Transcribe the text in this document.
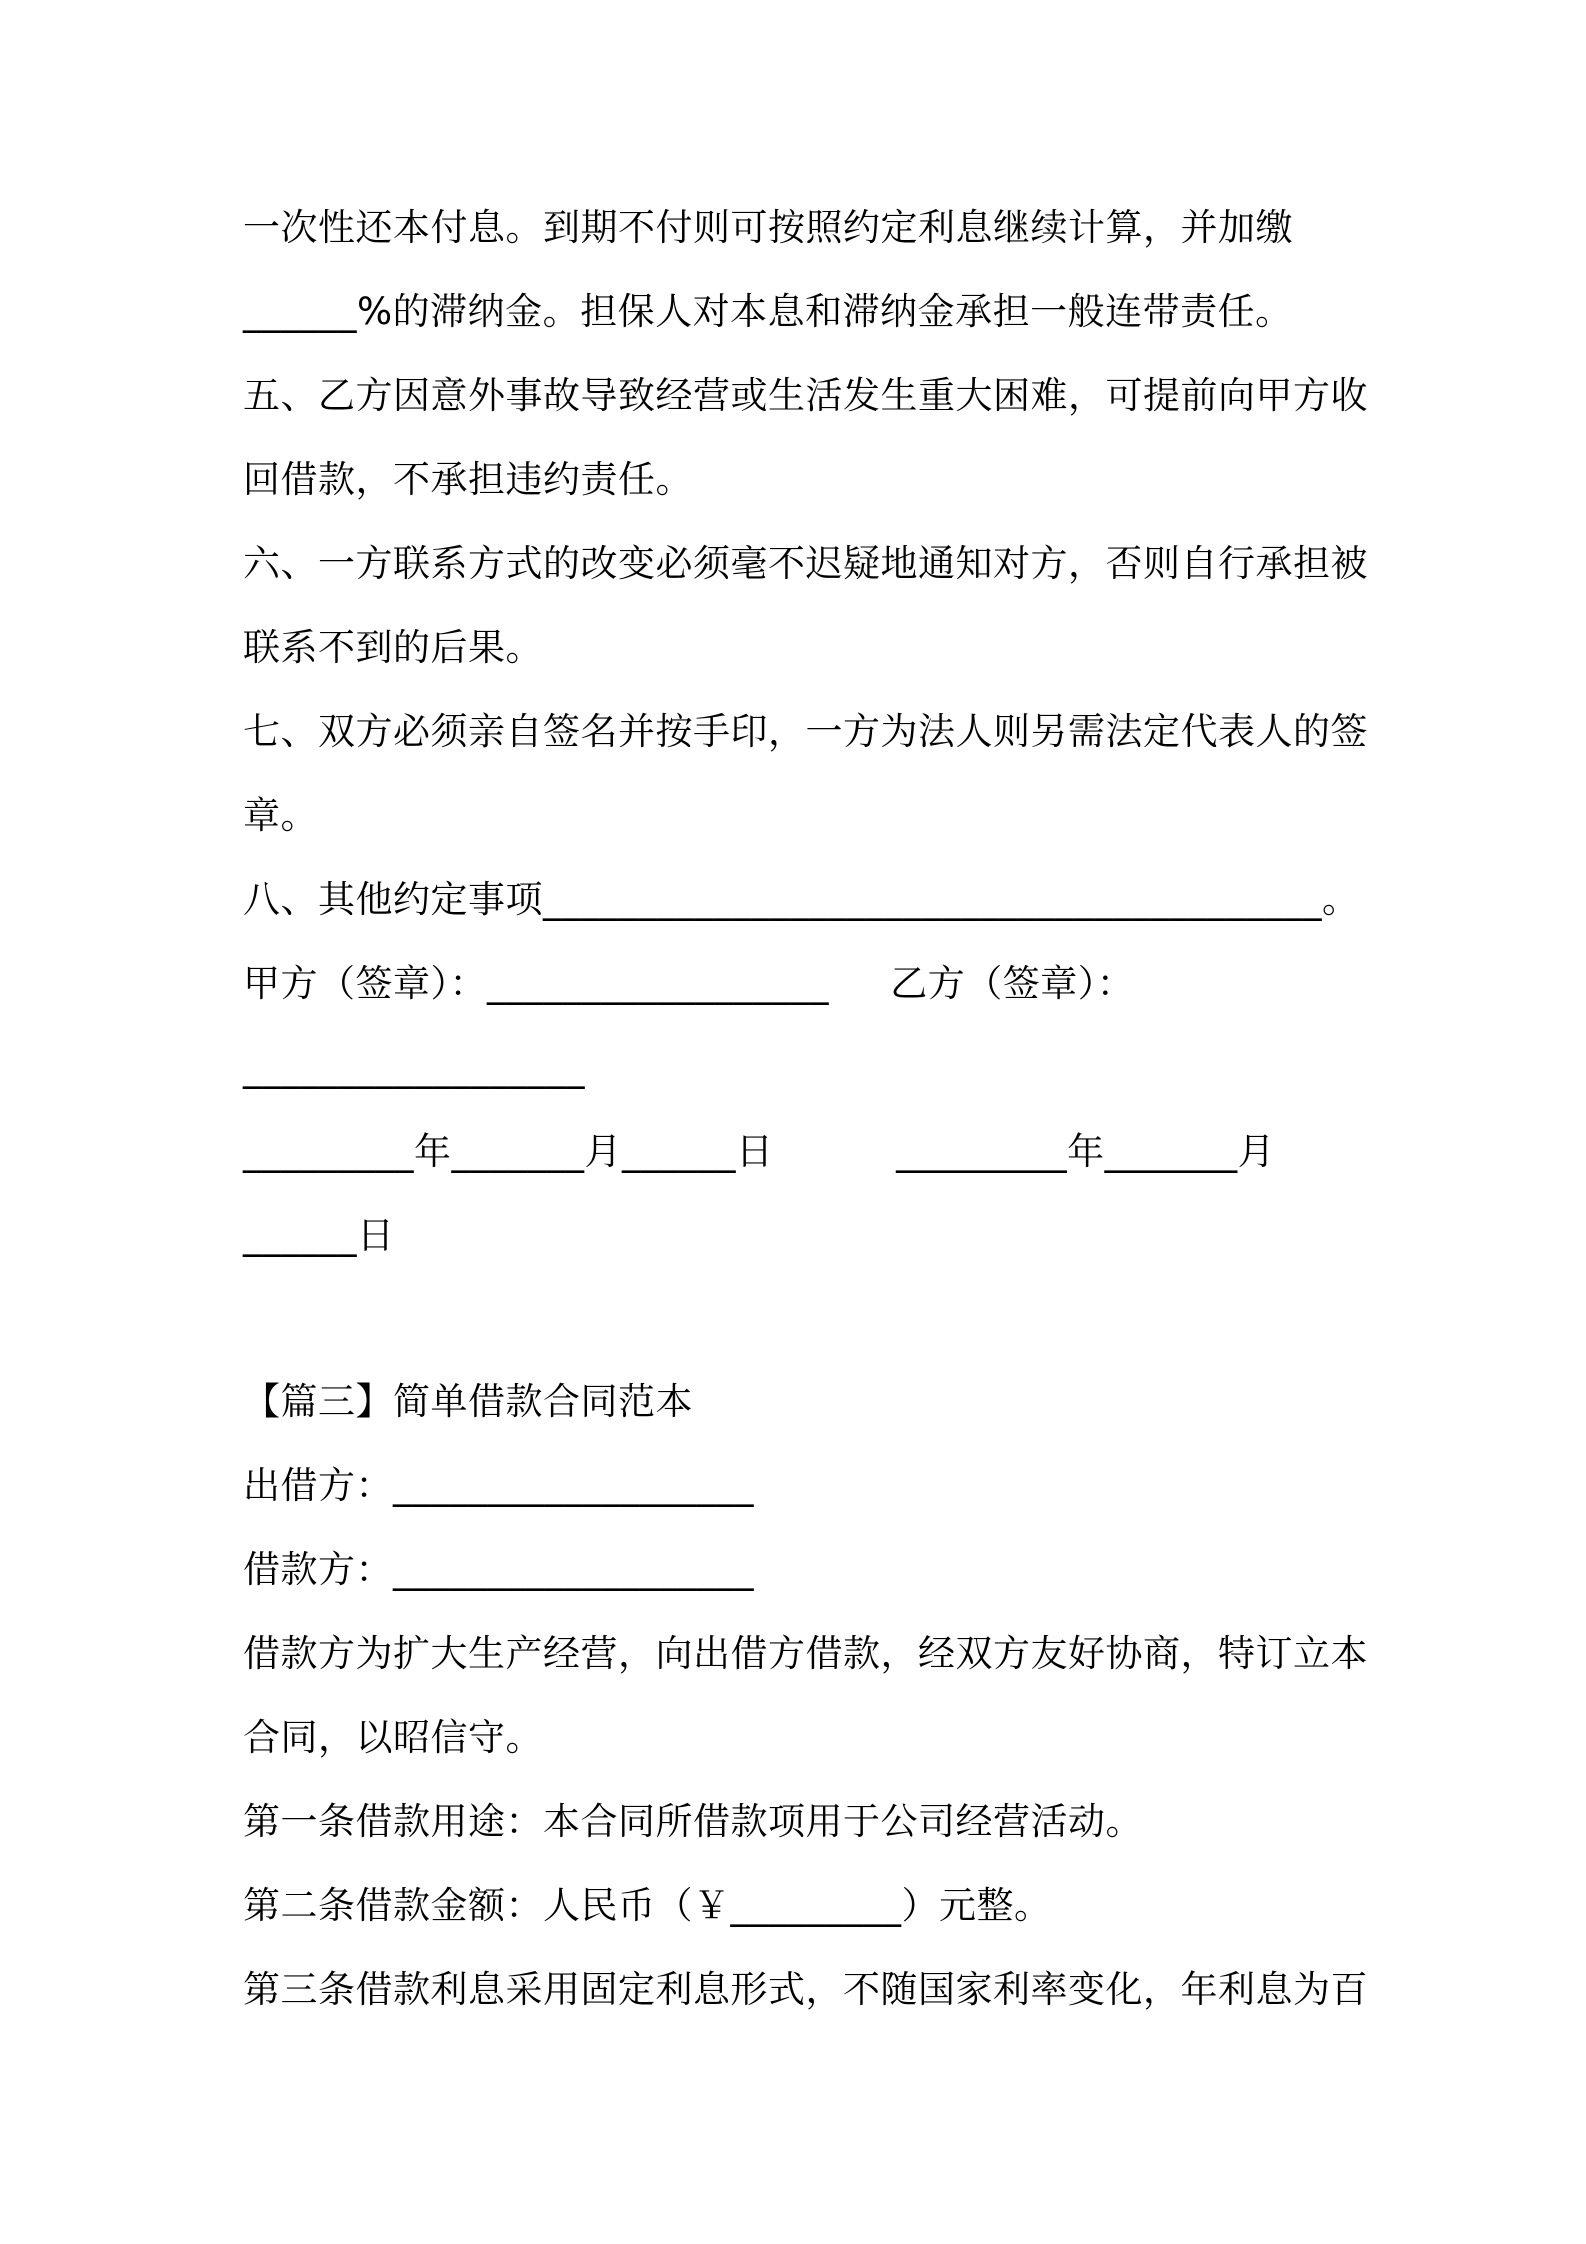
一次性还本付息。到期不付则可按照约定利息继续计算，并加缴

______%的滞纳金。担保人对本息和滞纳金承担一般连带责任。

五、乙方因意外事故导致经营或生活发生重大困难，可提前向甲方收

回借款，不承担违约责任。

六、一方联系方式的改变必须毫不迟疑地通知对方，否则自行承担被

联系不到的后果。

七、双方必须亲自签名并按手印，一方为法人则另需法定代表人的签

章。

八、其他约定事项_________________________________________。

甲方（签章）：__________________     乙方（签章）：

__________________

_________年_______月______日          _________年_______月

______日

【篇三】简单借款合同范本

出借方：___________________

借款方：___________________

借款方为扩大生产经营，向出借方借款，经双方友好协商，特订立本

合同，以昭信守。

第一条借款用途：本合同所借款项用于公司经营活动。

第二条借款金额：人民币（￥_________）元整。

第三条借款利息采用固定利息形式，不随国家利率变化，年利息为百
